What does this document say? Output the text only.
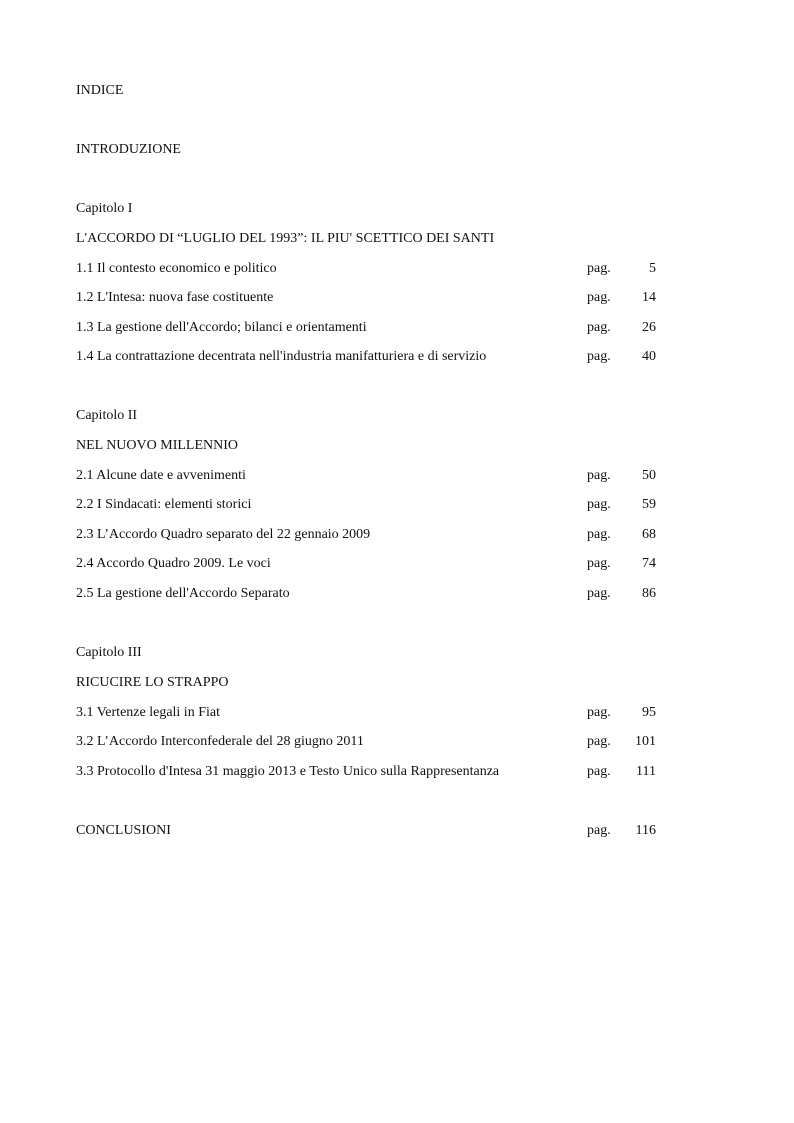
INDICE
INTRODUZIONE
Capitolo I
L'ACCORDO DI “LUGLIO DEL 1993”: IL PIU' SCETTICO DEI SANTI
1.1 Il contesto economico e politico	pag.	5
1.2 L'Intesa: nuova fase costituente	pag.	14
1.3 La gestione dell'Accordo; bilanci e orientamenti	pag.	26
1.4 La contrattazione decentrata nell'industria manifatturiera e di servizio	pag.	40
Capitolo II
NEL NUOVO MILLENNIO
2.1 Alcune date e avvenimenti	pag.	50
2.2 I Sindacati: elementi storici	pag.	59
2.3 L’Accordo Quadro separato del 22 gennaio 2009	pag.	68
2.4 Accordo Quadro 2009. Le voci	pag.	74
2.5 La gestione dell'Accordo Separato	pag.	86
Capitolo III
RICUCIRE LO STRAPPO
3.1 Vertenze legali in Fiat	pag.	95
3.2 L’Accordo Interconfederale del 28 giugno 2011	pag.	101
3.3 Protocollo d'Intesa 31 maggio 2013 e Testo Unico sulla Rappresentanza	pag.	111
CONCLUSIONI	pag.	116
